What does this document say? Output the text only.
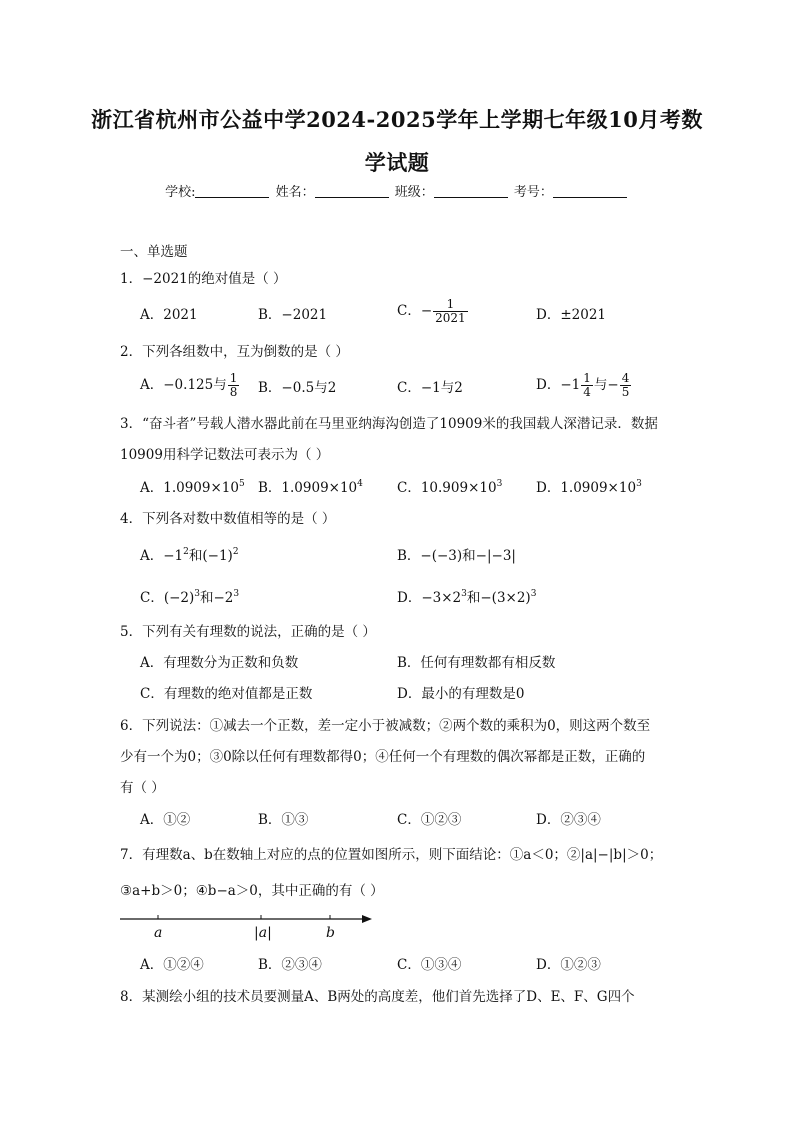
浙江省杭州市公益中学2024-2025学年上学期七年级10月考数
学试题
学校:	姓名：	班级：	考号：
一、单选题
1．−2021的绝对值是（ ）
A．2021	B．−2021	C．− $\frac{1}{2021}$	D．±2021
2．下列各组数中，互为倒数的是（ ）
A．−0.125与 $\frac{1}{8}$ B．−0.5与2	C．−1与2	D．$-1 \frac{1}{4}$ 与− $\frac{4}{5}$
3．“奋斗者”号载人潜水器此前在马里亚纳海沟创造了10909米的我国载人深潜记录．数据
10909用科学记数法可表示为（ ）
A．$1.0909\times 10^5$ B．$1.0909\times 10^4$	C．$10.909\times 10^3$ D．$1.0909\times 10^3$
4．下列各对数中数值相等的是（ ）
A．$-1^2$和$(-1)^2$	B．−(−3)和−|−3|
C．$(-2)^3$和$-2^3$	D．$-3\times 2^3$和$-(3\times 2)^3$
5．下列有关有理数的说法，正确的是（ ）
A．有理数分为正数和负数	B．任何有理数都有相反数
C．有理数的绝对值都是正数	D．最小的有理数是0
6．下列说法：①减去一个正数，差一定小于被减数；②两个数的乘积为0，则这两个数至
少有一个为0；③0除以任何有理数都得0；④任何一个有理数的偶次幂都是正数，正确的
有（ ）
A．①②	B．①③	C．①②③	D．②③④
7．有理数a、b在数轴上对应的点的位置如图所示，则下面结论：①a＜0；②|a|−|b|＞0；
③a+b＞0；④b−a＞0，其中正确的有（ ）
a	|a|	b
A．①②④	B．②③④	C．①③④	D．①②③
8．某测绘小组的技术员要测量A、B两处的高度差，他们首先选择了D、E、F、G四个
